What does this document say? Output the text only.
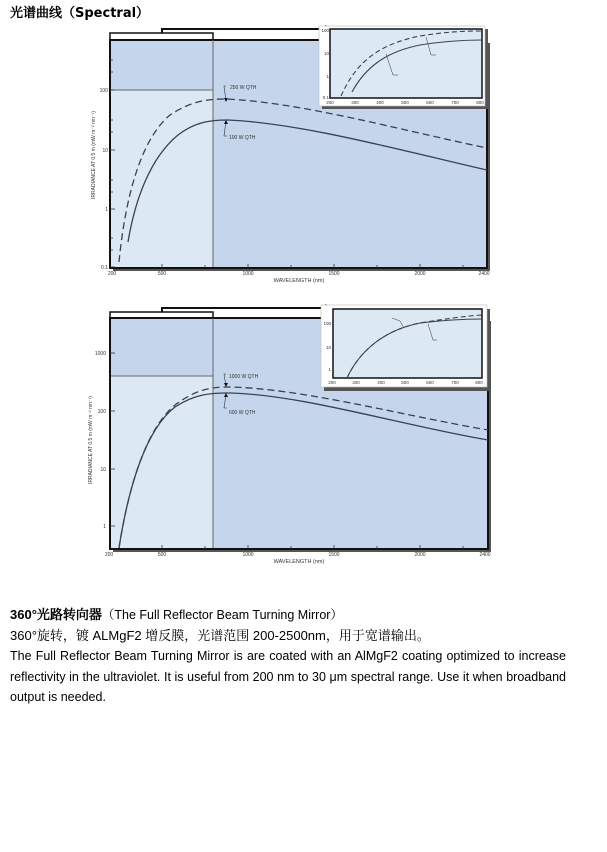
光谱曲线（Spectral）
100
10
1
0.1
200	500	1000	1500	2000	2400
WAVELENGTH (nm)
IRRADIANCE AT 0.5 m (mW m⁻² nm⁻¹)
250 W QTH
100 W QTH
100
10
1
0.1
200	300	400	500	600	700	800
1000
100
10
1
200	500	1000	1500	2000	2400
WAVELENGTH (nm)
IRRADIANCE AT 0.5 m (mW m⁻² nm⁻¹)
1000 W QTH
600 W QTH
100
10
1
200	300	400	500	600	700	800
360°光路转向器（The Full Reflector Beam Turning Mirror）
360°旋转，镀 ALMgF2 增反膜，光谱范围 200-2500nm，用于宽谱输出。
The Full Reflector Beam Turning Mirror is are coated with an AlMgF2 coating optimized to increase reflectivity in the ultraviolet. It is useful from 200 nm to 30 μm spectral range. Use it when broadband output is needed.
